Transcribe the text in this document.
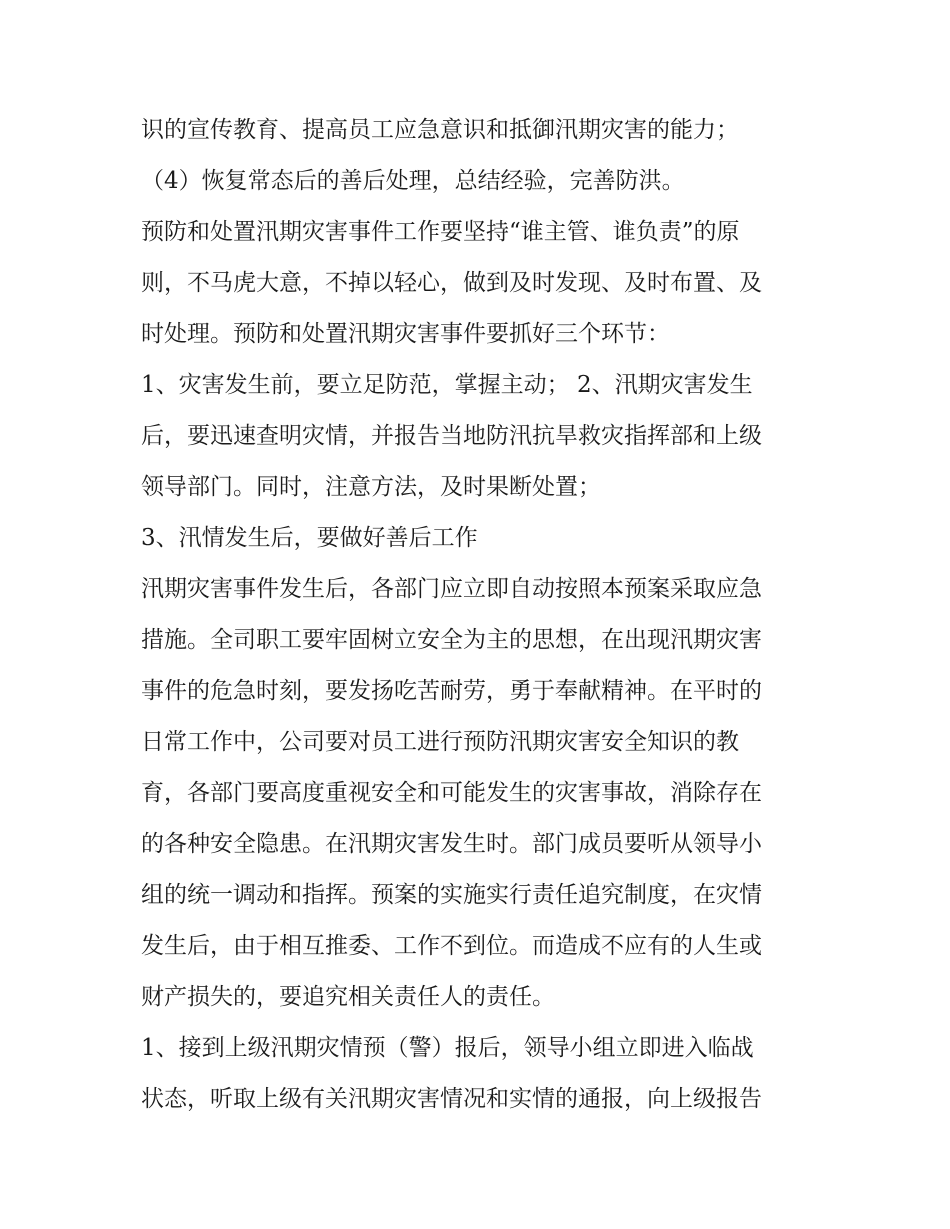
识的宣传教育、提高员工应急意识和抵御汛期灾害的能力；
（4）恢复常态后的善后处理，总结经验，完善防洪。
预防和处置汛期灾害事件工作要坚持“谁主管、谁负责”的原
则，不马虎大意，不掉以轻心，做到及时发现、及时布置、及
时处理。预防和处置汛期灾害事件要抓好三个环节：
1、灾害发生前，要立足防范，掌握主动； 2、汛期灾害发生
后，要迅速查明灾情，并报告当地防汛抗旱救灾指挥部和上级
领导部门。同时，注意方法，及时果断处置；
3、汛情发生后，要做好善后工作
汛期灾害事件发生后，各部门应立即自动按照本预案采取应急
措施。全司职工要牢固树立安全为主的思想，在出现汛期灾害
事件的危急时刻，要发扬吃苦耐劳，勇于奉献精神。在平时的
日常工作中，公司要对员工进行预防汛期灾害安全知识的教
育，各部门要高度重视安全和可能发生的灾害事故，消除存在
的各种安全隐患。在汛期灾害发生时。部门成员要听从领导小
组的统一调动和指挥。预案的实施实行责任追究制度，在灾情
发生后，由于相互推委、工作不到位。而造成不应有的人生或
财产损失的，要追究相关责任人的责任。
1、接到上级汛期灾情预（警）报后，领导小组立即进入临战
状态，听取上级有关汛期灾害情况和实情的通报，向上级报告
